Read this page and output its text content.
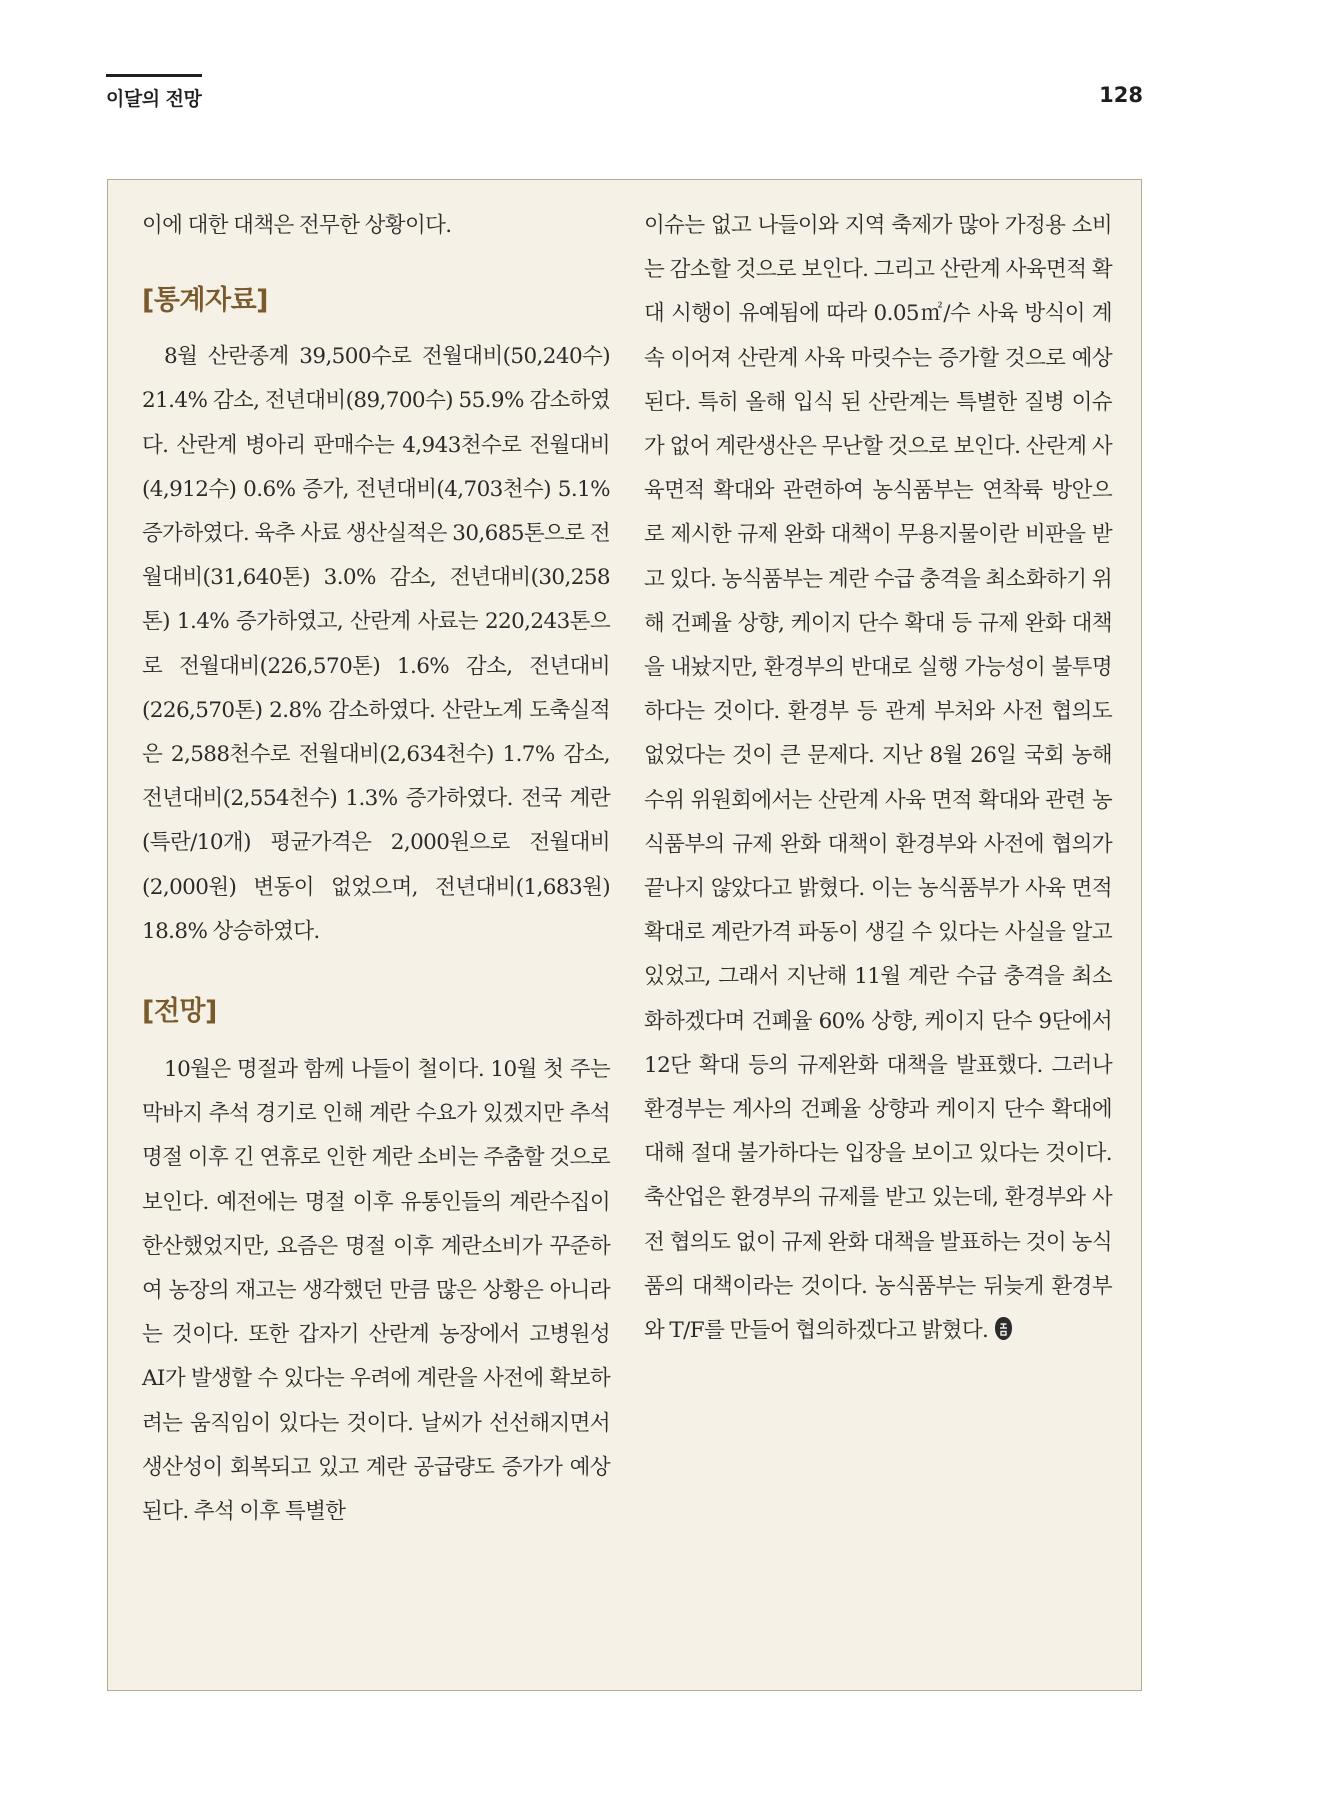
이달의 전망	128

이에 대한 대책은 전무한 상황이다.

[통계자료]

8월 산란종계 39,500수로 전월대비(50,240수) 21.4% 감소, 전년대비(89,700수) 55.9% 감소하였다. 산란계 병아리 판매수는 4,943천수로 전월대비(4,912수) 0.6% 증가, 전년대비(4,703천수) 5.1% 증가하였다. 육추 사료 생산실적은 30,685톤으로 전월대비(31,640톤) 3.0% 감소, 전년대비(30,258톤) 1.4% 증가하였고, 산란계 사료는 220,243톤으로 전월대비(226,570톤) 1.6% 감소, 전년대비(226,570톤) 2.8% 감소하였다. 산란노계 도축실적은 2,588천수로 전월대비(2,634천수) 1.7% 감소, 전년대비(2,554천수) 1.3% 증가하였다. 전국 계란(특란/10개) 평균가격은 2,000원으로 전월대비(2,000원) 변동이 없었으며, 전년대비(1,683원) 18.8% 상승하였다.

[전망]

10월은 명절과 함께 나들이 철이다. 10월 첫 주는 막바지 추석 경기로 인해 계란 수요가 있겠지만 추석 명절 이후 긴 연휴로 인한 계란 소비는 주춤할 것으로 보인다. 예전에는 명절 이후 유통인들의 계란수집이 한산했었지만, 요즘은 명절 이후 계란소비가 꾸준하여 농장의 재고는 생각했던 만큼 많은 상황은 아니라는 것이다. 또한 갑자기 산란계 농장에서 고병원성 AI가 발생할 수 있다는 우려에 계란을 사전에 확보하려는 움직임이 있다는 것이다. 날씨가 선선해지면서 생산성이 회복되고 있고 계란 공급량도 증가가 예상된다. 추석 이후 특별한

이슈는 없고 나들이와 지역 축제가 많아 가정용 소비는 감소할 것으로 보인다. 그리고 산란계 사육면적 확대 시행이 유예됨에 따라 0.05㎡/수 사육 방식이 계속 이어져 산란계 사육 마릿수는 증가할 것으로 예상된다. 특히 올해 입식 된 산란계는 특별한 질병 이슈가 없어 계란생산은 무난할 것으로 보인다. 산란계 사육면적 확대와 관련하여 농식품부는 연착륙 방안으로 제시한 규제 완화 대책이 무용지물이란 비판을 받고 있다. 농식품부는 계란 수급 충격을 최소화하기 위해 건폐율 상향, 케이지 단수 확대 등 규제 완화 대책을 내놨지만, 환경부의 반대로 실행 가능성이 불투명하다는 것이다. 환경부 등 관계 부처와 사전 협의도 없었다는 것이 큰 문제다. 지난 8월 26일 국회 농해수위 위원회에서는 산란계 사육 면적 확대와 관련 농식품부의 규제 완화 대책이 환경부와 사전에 협의가 끝나지 않았다고 밝혔다. 이는 농식품부가 사육 면적 확대로 계란가격 파동이 생길 수 있다는 사실을 알고 있었고, 그래서 지난해 11월 계란 수급 충격을 최소화하겠다며 건폐율 60% 상향, 케이지 단수 9단에서 12단 확대 등의 규제완화 대책을 발표했다. 그러나 환경부는 계사의 건폐율 상향과 케이지 단수 확대에 대해 절대 불가하다는 입장을 보이고 있다는 것이다. 축산업은 환경부의 규제를 받고 있는데, 환경부와 사전 협의도 없이 규제 완화 대책을 발표하는 것이 농식품의 대책이라는 것이다. 농식품부는 뒤늦게 환경부와 T/F를 만들어 협의하겠다고 밝혔다.
